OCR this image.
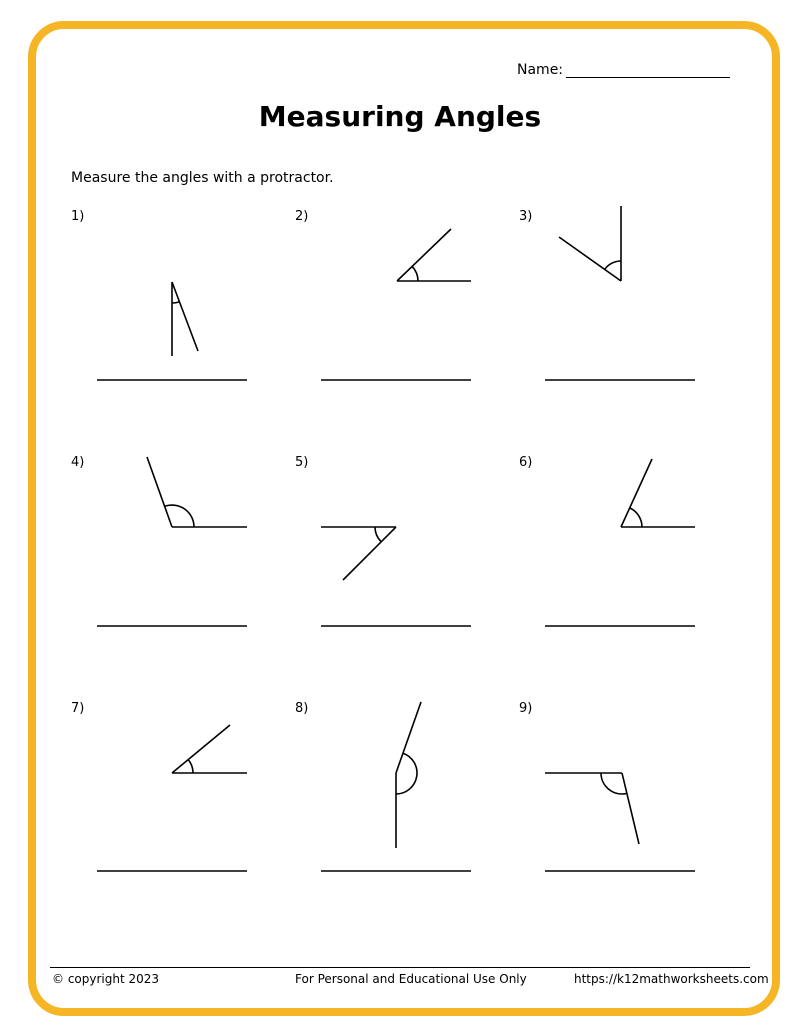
Name:
Measuring Angles
Measure the angles with a protractor.
1)	2)	3)
4)	5)	6)
7)	8)	9)
© copyright 2023	For Personal and Educational Use Only	https://k12mathworksheets.com
